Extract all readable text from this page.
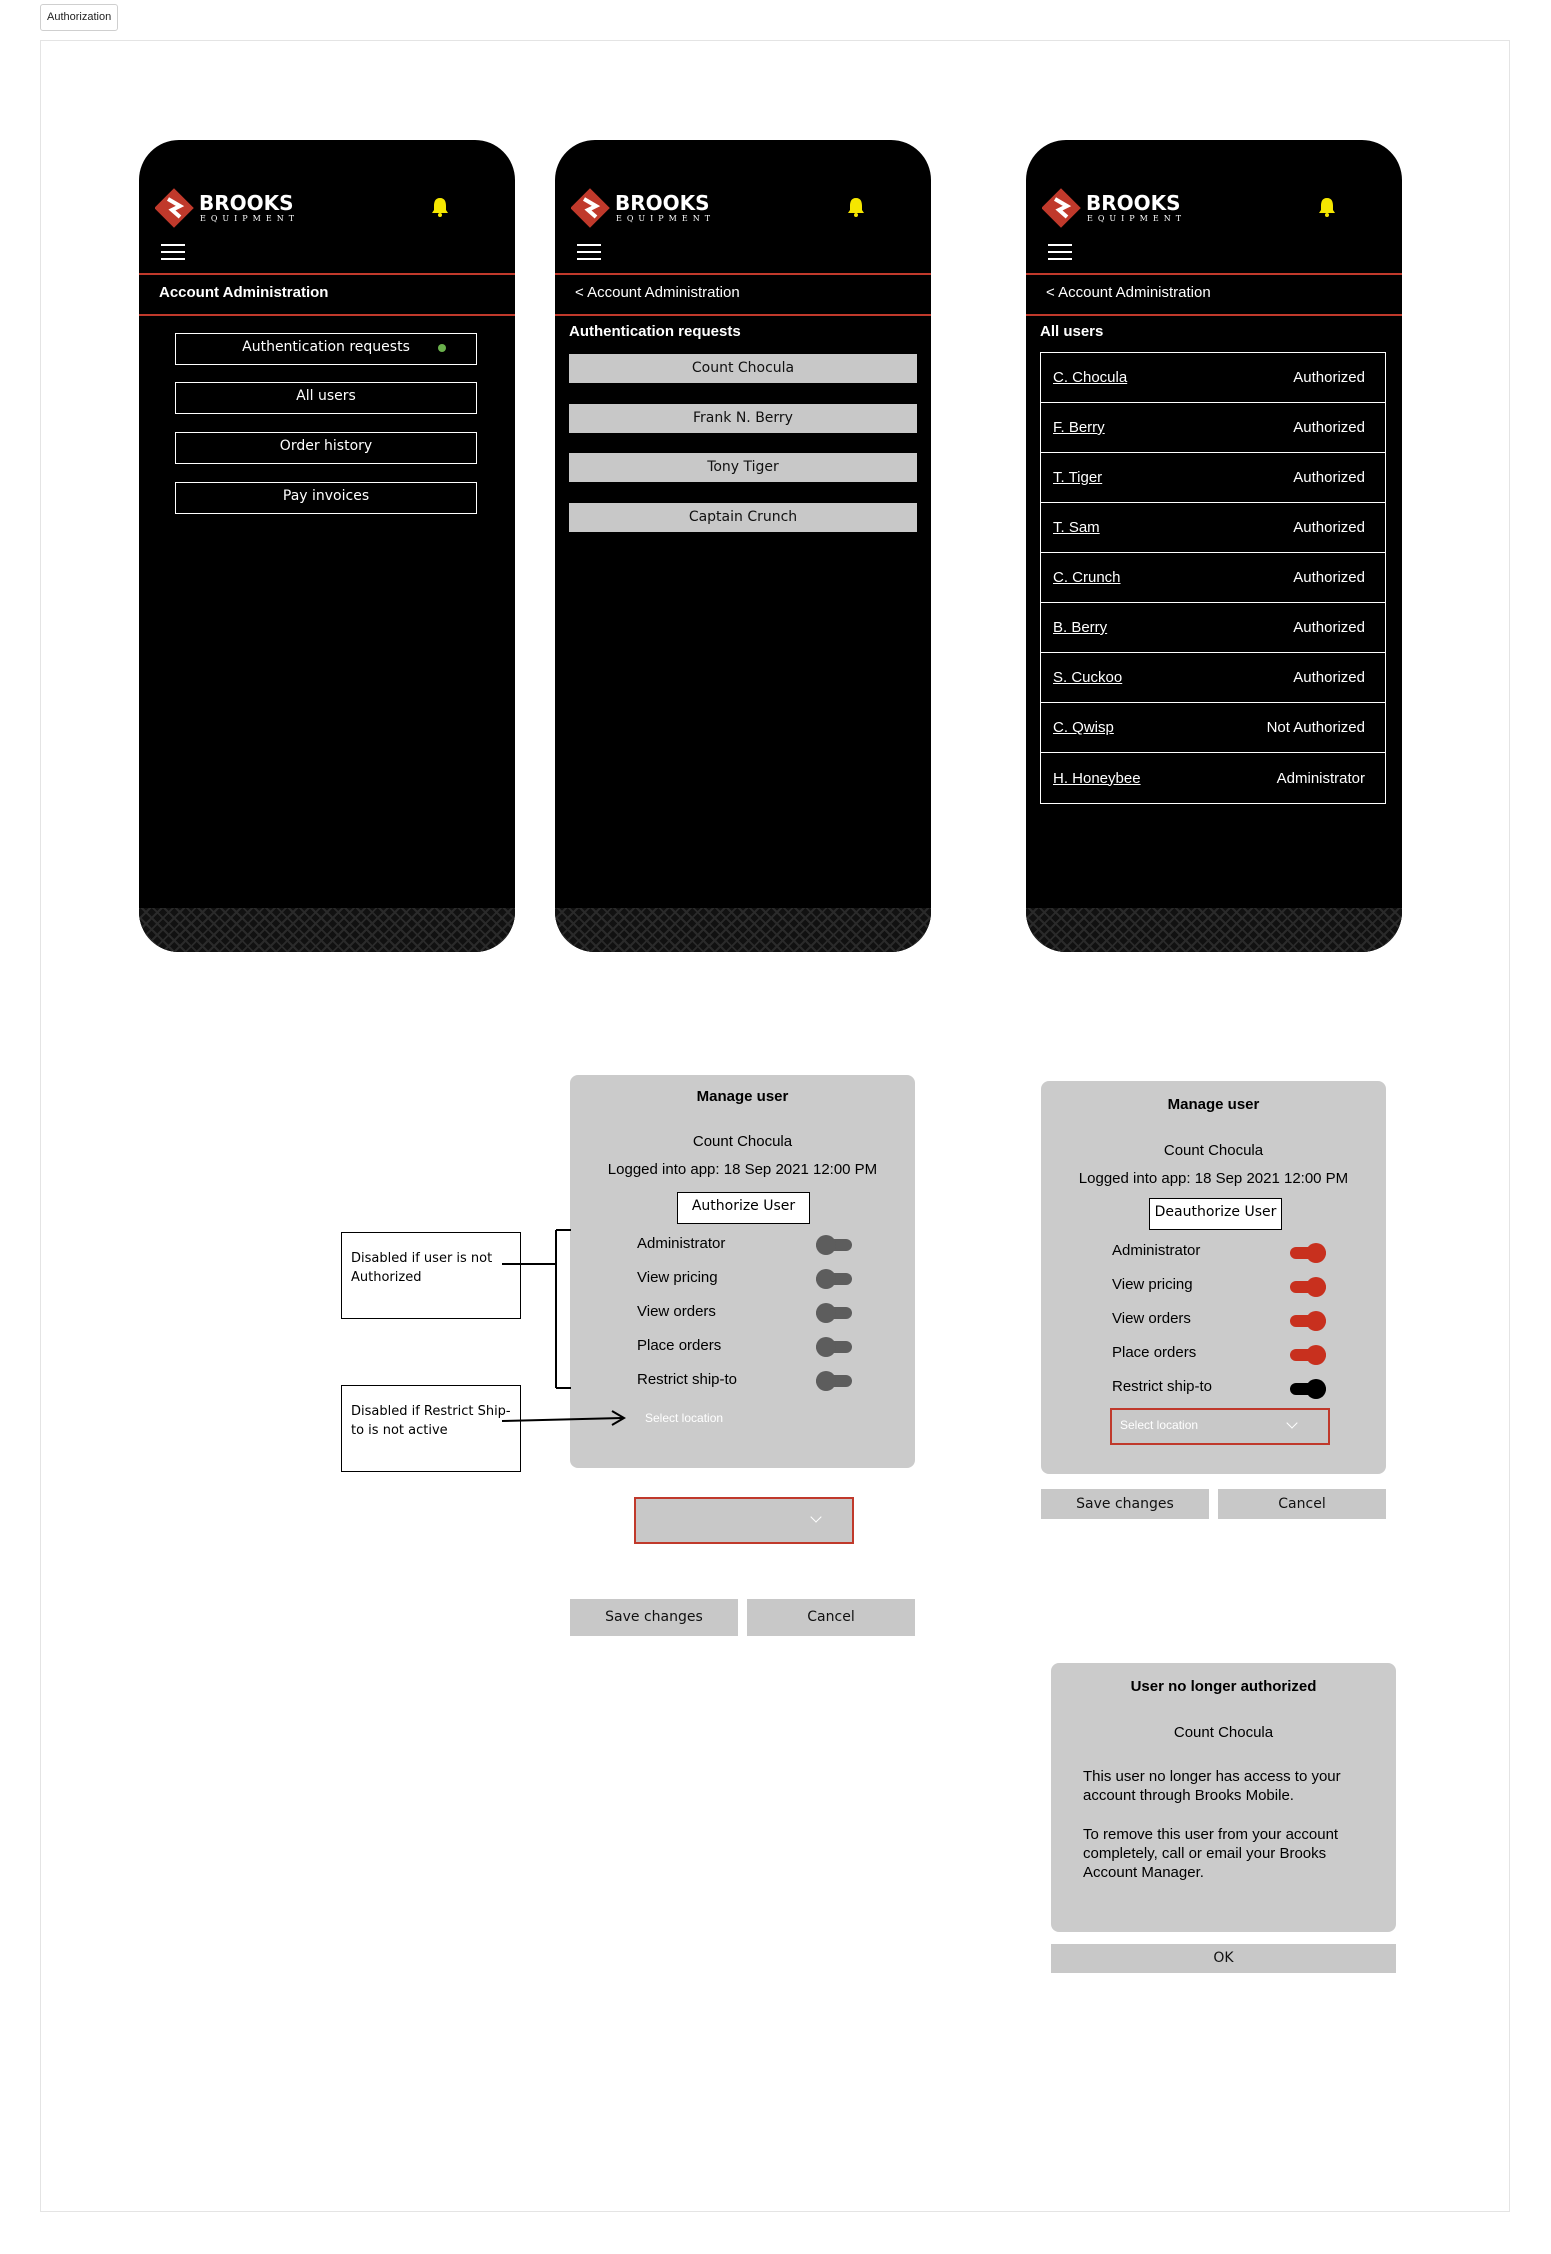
Authorization
BROOKS
EQUIPMENT
Account Administration
Authentication requests
All users
Order history
Pay invoices
BROOKS
EQUIPMENT
< Account Administration
Authentication requests
Count Chocula
Frank N. Berry
Tony Tiger
Captain Crunch
BROOKS
EQUIPMENT
< Account Administration
All users
C. Chocula	Authorized
F. Berry	Authorized
T. Tiger	Authorized
T. Sam	Authorized
C. Crunch	Authorized
B. Berry	Authorized
S. Cuckoo	Authorized
C. Qwisp	Not Authorized
H. Honeybee	Administrator
Manage user
Count Chocula
Logged into app: 18 Sep 2021 12:00 PM
Authorize User
Administrator
View pricing
View orders
Place orders
Restrict ship-to
Select location
Save changes	Cancel
Disabled if user is not Authorized
Disabled if Restrict Ship-to is not active
Manage user
Count Chocula
Logged into app: 18 Sep 2021 12:00 PM
Deauthorize User
Administrator
View pricing
View orders
Place orders
Restrict ship-to
Select location
Save changes	Cancel
User no longer authorized
Count Chocula
This user no longer has access to your account through Brooks Mobile.
To remove this user from your account completely, call or email your Brooks Account Manager.
OK
